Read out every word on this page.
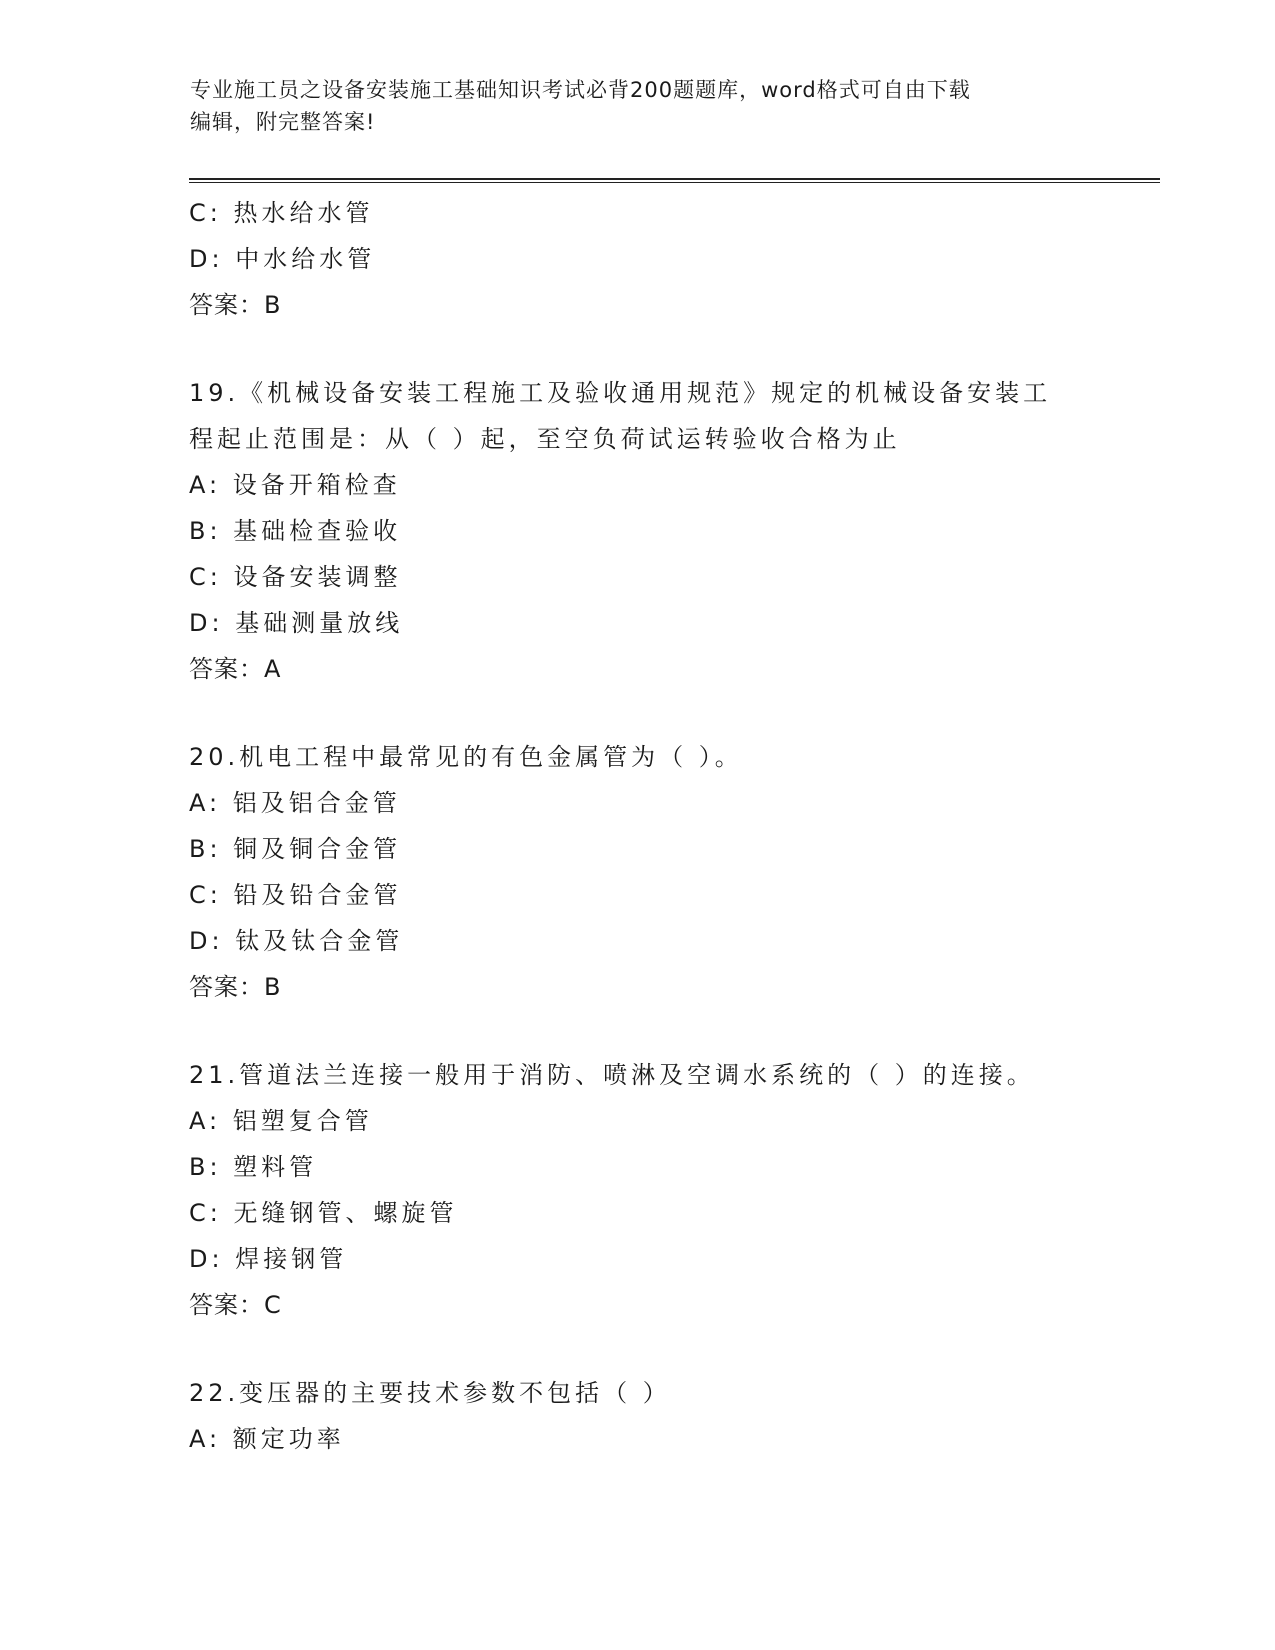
专业施工员之设备安装施工基础知识考试必背200题题库，word格式可自由下载
编辑，附完整答案!
C: 热水给水管
D: 中水给水管
答案：B
19.《机械设备安装工程施工及验收通用规范》规定的机械设备安装工
程起止范围是：从（ ）起，至空负荷试运转验收合格为止
A: 设备开箱检查
B: 基础检查验收
C: 设备安装调整
D: 基础测量放线
答案：A
20.机电工程中最常见的有色金属管为（ ）。
A: 铝及铝合金管
B: 铜及铜合金管
C: 铅及铅合金管
D: 钛及钛合金管
答案：B
21.管道法兰连接一般用于消防、喷淋及空调水系统的（ ）的连接。
A: 铝塑复合管
B: 塑料管
C: 无缝钢管、螺旋管
D: 焊接钢管
答案：C
22.变压器的主要技术参数不包括（ ）
A: 额定功率
